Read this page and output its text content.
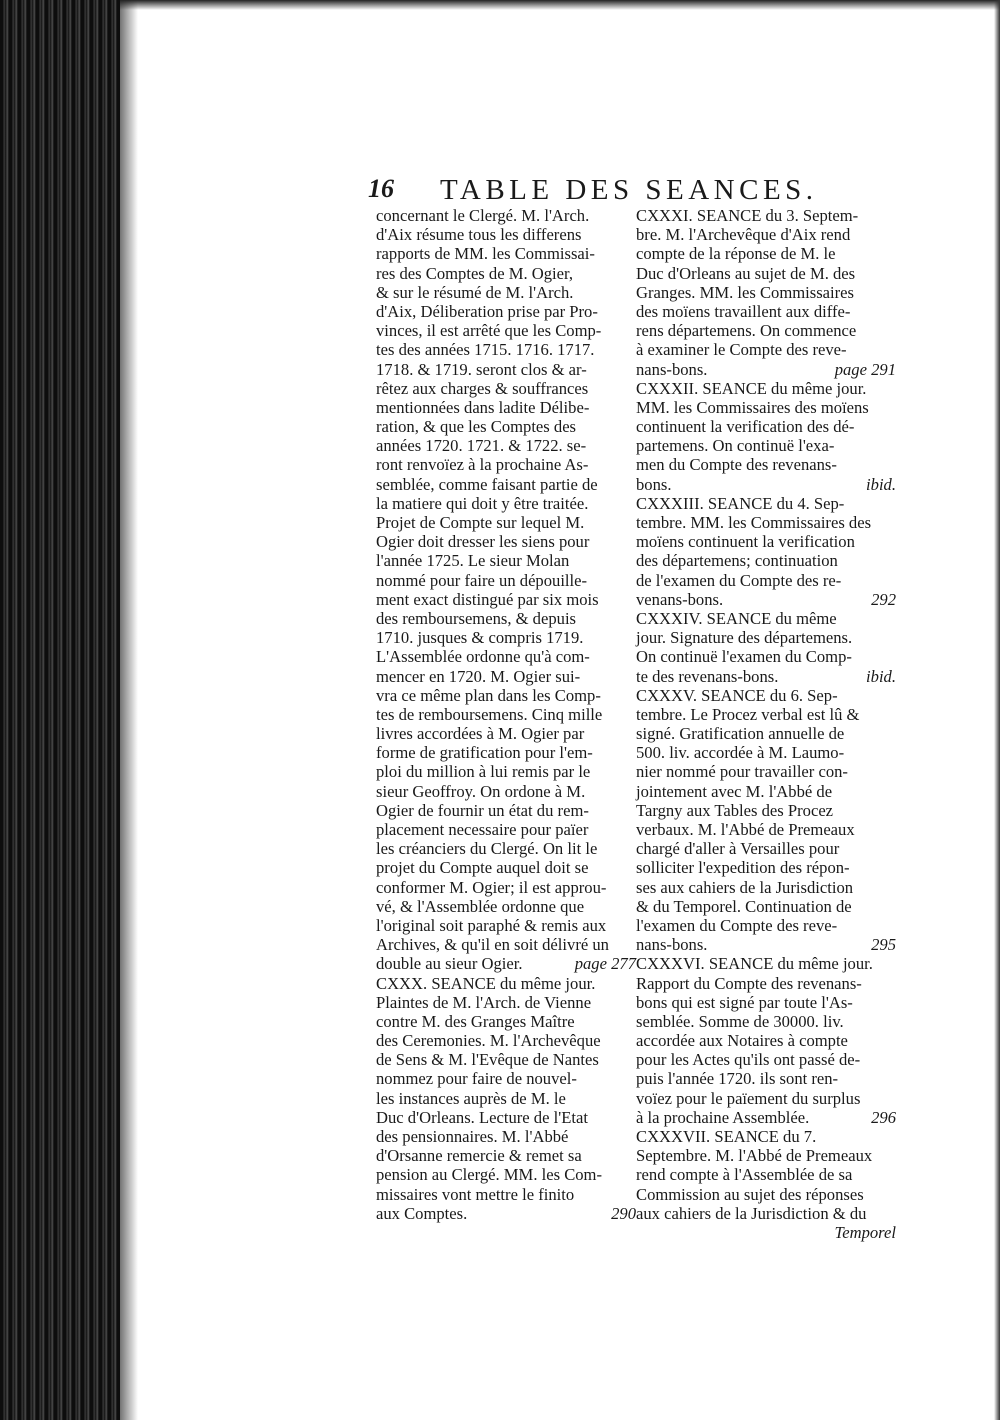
16 TABLE DES SEANCES.
concernant le Clergé. M. l'Arch.
d'Aix résume tous les differens
rapports de MM. les Commissai-
res des Comptes de M. Ogier,
& sur le résumé de M. l'Arch.
d'Aix, Déliberation prise par Pro-
vinces, il est arrêté que les Comp-
tes des années 1715. 1716. 1717.
1718. & 1719. seront clos & ar-
rêtez aux charges & souffrances
mentionnées dans ladite Délibe-
ration, & que les Comptes des
années 1720. 1721. & 1722. se-
ront renvoïez à la prochaine As-
semblée, comme faisant partie de
la matiere qui doit y être traitée.
Projet de Compte sur lequel M.
Ogier doit dresser les siens pour
l'année 1725. Le sieur Molan
nommé pour faire un dépouille-
ment exact distingué par six mois
des remboursemens, & depuis
1710. jusques & compris 1719.
L'Assemblée ordonne qu'à com-
mencer en 1720. M. Ogier sui-
vra ce même plan dans les Comp-
tes de remboursemens. Cinq mille
livres accordées à M. Ogier par
forme de gratification pour l'em-
ploi du million à lui remis par le
sieur Geoffroy. On ordone à M.
Ogier de fournir un état du rem-
placement necessaire pour païer
les créanciers du Clergé. On lit le
projet du Compte auquel doit se
conformer M. Ogier; il est approu-
vé, & l'Assemblée ordonne que
l'original soit paraphé & remis aux
Archives, & qu'il en soit délivré un
double au sieur Ogier.	page 277
CXXX. SEANCE du même jour.
Plaintes de M. l'Arch. de Vienne
contre M. des Granges Maître
des Ceremonies. M. l'Archevêque
de Sens & M. l'Evêque de Nantes
nommez pour faire de nouvel-
les instances auprès de M. le
Duc d'Orleans. Lecture de l'Etat
des pensionnaires. M. l'Abbé
d'Orsanne remercie & remet sa
pension au Clergé. MM. les Com-
missaires vont mettre le finito
aux Comptes.	290
CXXXI. SEANCE du 3. Septem-
bre. M. l'Archevêque d'Aix rend
compte de la réponse de M. le
Duc d'Orleans au sujet de M. des
Granges. MM. les Commissaires
des moïens travaillent aux diffe-
rens départemens. On commence
à examiner le Compte des reve-
nans-bons.	page 291
CXXXII. SEANCE du même jour.
MM. les Commissaires des moïens
continuent la verification des dé-
partemens. On continuë l'exa-
men du Compte des revenans-
bons.	ibid.
CXXXIII. SEANCE du 4. Sep-
tembre. MM. les Commissaires des
moïens continuent la verification
des départemens; continuation
de l'examen du Compte des re-
venans-bons.	292
CXXXIV. SEANCE du même
jour. Signature des départemens.
On continuë l'examen du Comp-
te des revenans-bons.	ibid.
CXXXV. SEANCE du 6. Sep-
tembre. Le Procez verbal est lû &
signé. Gratification annuelle de
500. liv. accordée à M. Laumo-
nier nommé pour travailler con-
jointement avec M. l'Abbé de
Targny aux Tables des Procez
verbaux. M. l'Abbé de Premeaux
chargé d'aller à Versailles pour
solliciter l'expedition des répon-
ses aux cahiers de la Jurisdiction
& du Temporel. Continuation de
l'examen du Compte des reve-
nans-bons.	295
CXXXVI. SEANCE du même jour.
Rapport du Compte des revenans-
bons qui est signé par toute l'As-
semblée. Somme de 30000. liv.
accordée aux Notaires à compte
pour les Actes qu'ils ont passé de-
puis l'année 1720. ils sont ren-
voïez pour le païement du surplus
à la prochaine Assemblée.	296
CXXXVII. SEANCE du 7.
Septembre. M. l'Abbé de Premeaux
rend compte à l'Assemblée de sa
Commission au sujet des réponses
aux cahiers de la Jurisdiction & du
Temporel
